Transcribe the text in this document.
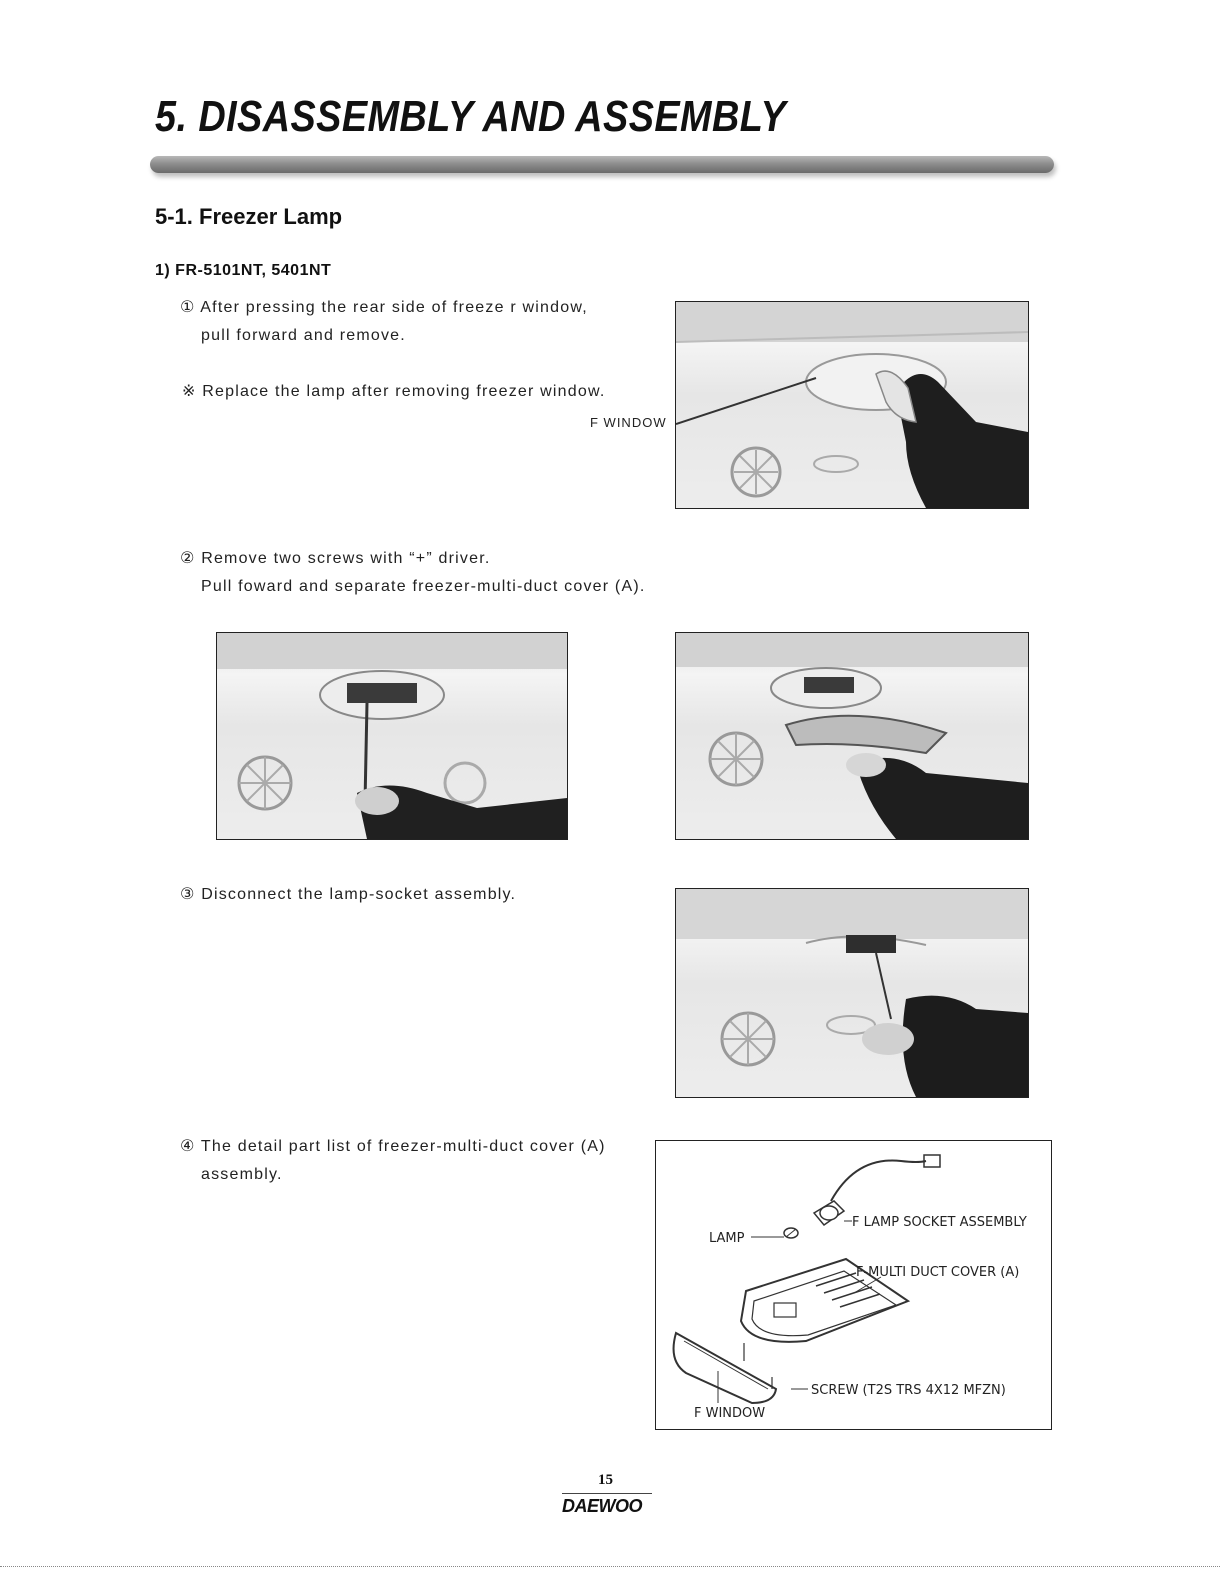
5. DISASSEMBLY AND ASSEMBLY
5-1. Freezer Lamp
1) FR-5101NT, 5401NT
① After pressing the rear side of freeze r window,
pull forward and remove.
※ Replace the lamp after removing freezer window.
F WINDOW
② Remove two screws with “+” driver.
Pull foward and separate freezer-multi-duct cover (A).
③ Disconnect the lamp-socket assembly.
④ The detail part list of freezer-multi-duct cover (A)
assembly.
F LAMP SOCKET ASSEMBLY
LAMP
F-MULTI DUCT COVER (A)
SCREW (T2S TRS 4X12 MFZN)
F WINDOW
15
DAEWOO
